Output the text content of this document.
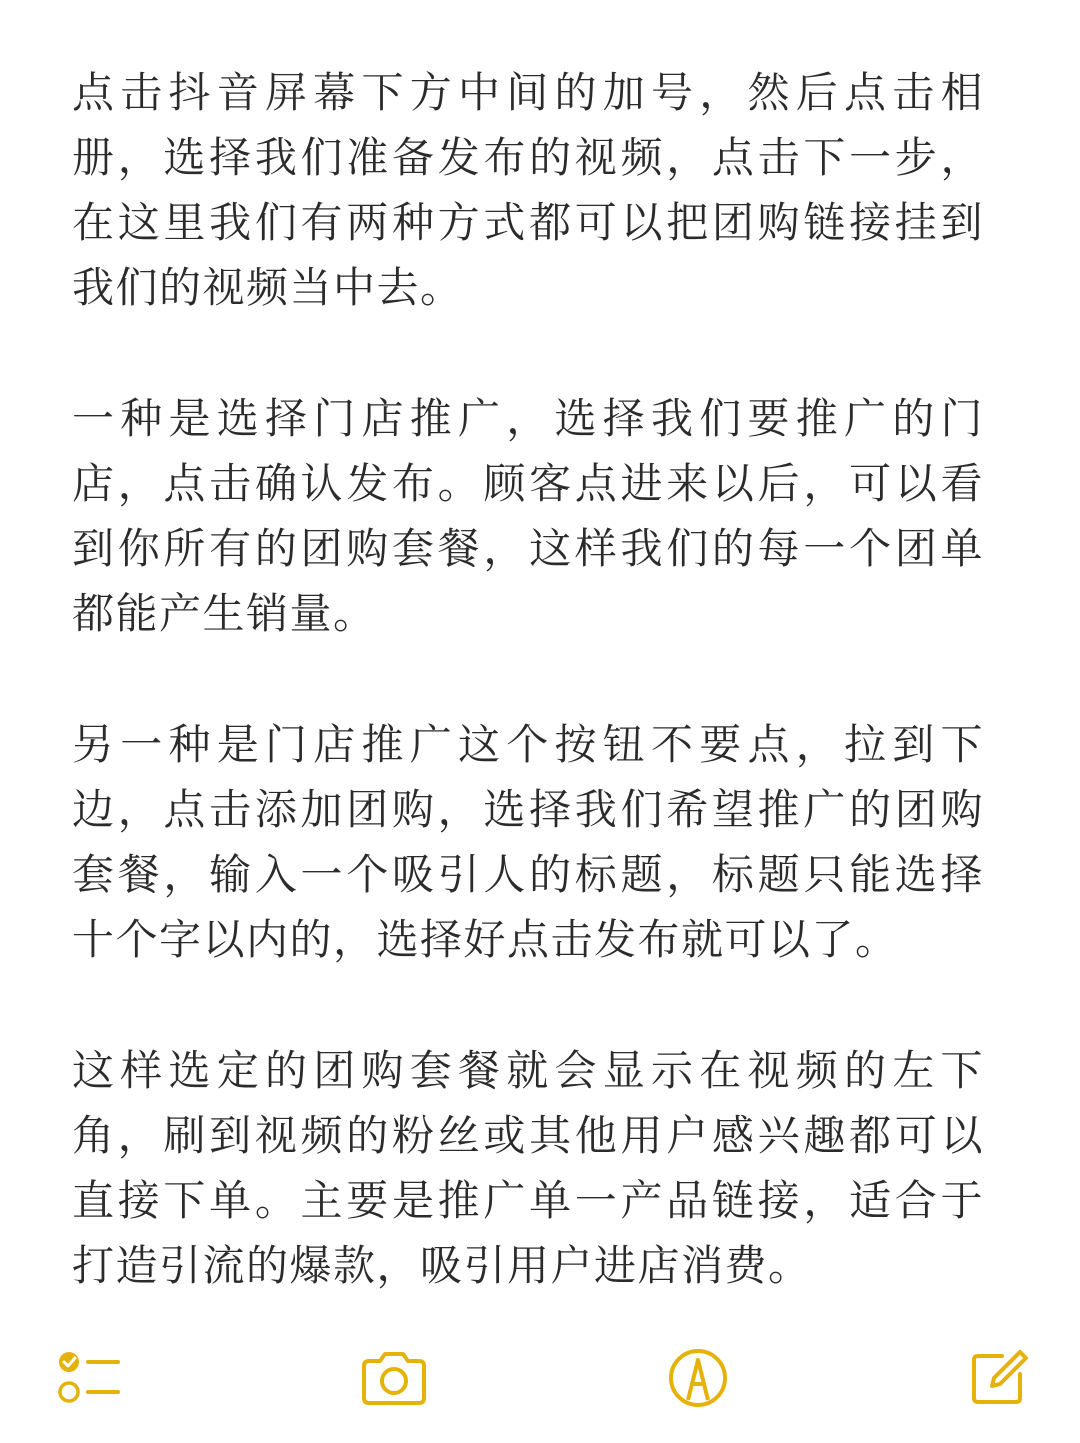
点击抖音屏幕下方中间的加号，然后点击相册，选择我们准备发布的视频，点击下一步，在这里我们有两种方式都可以把团购链接挂到我们的视频当中去。

一种是选择门店推广，选择我们要推广的门店，点击确认发布。顾客点进来以后，可以看到你所有的团购套餐，这样我们的每一个团单都能产生销量。

另一种是门店推广这个按钮不要点，拉到下边，点击添加团购，选择我们希望推广的团购套餐，输入一个吸引人的标题，标题只能选择十个字以内的，选择好点击发布就可以了。

这样选定的团购套餐就会显示在视频的左下角，刷到视频的粉丝或其他用户感兴趣都可以直接下单。主要是推广单一产品链接，适合于打造引流的爆款，吸引用户进店消费。
